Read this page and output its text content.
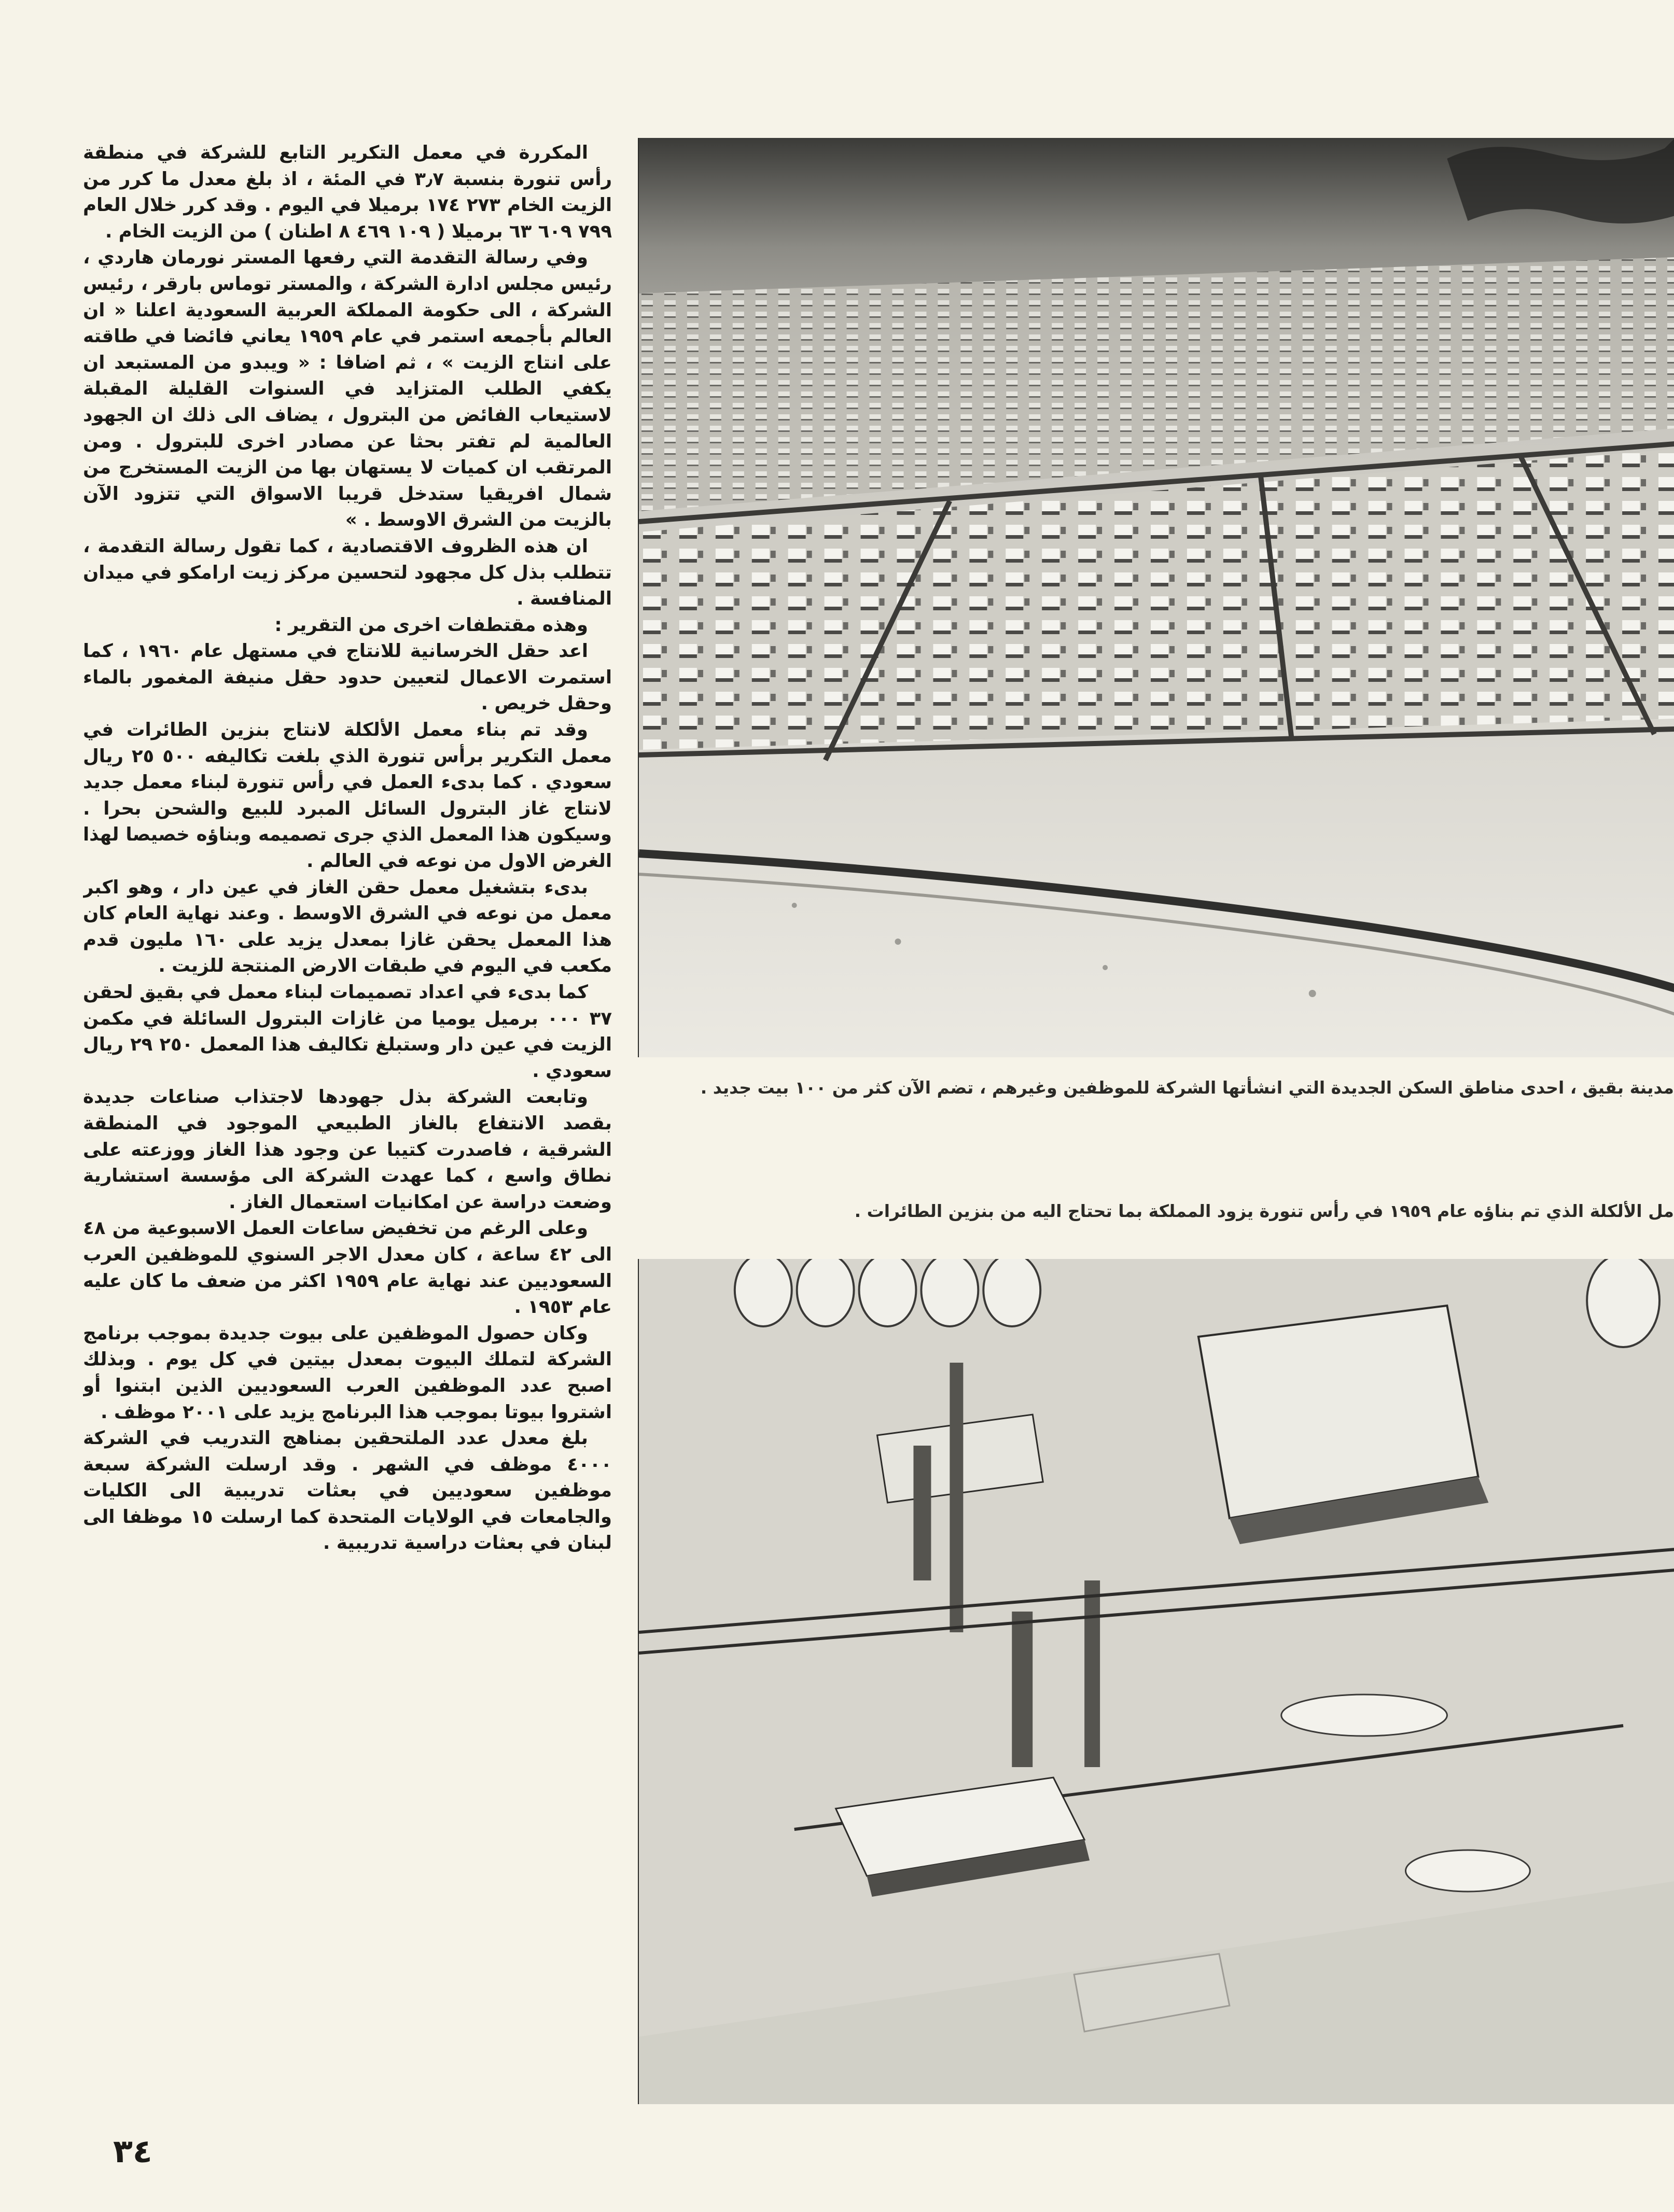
المكررة في معمل التكرير التابع للشركة في منطقة رأس تنورة بنسبة ٣٫٧ في المئة ، اذ بلغ معدل ما كرر من الزيت الخام ٢٧٣ ١٧٤ برميلا في اليوم . وقد كرر خلال العام ٧٩٩ ٦٠٩ ٦٣ برميلا ( ١٠٩ ٤٦٩ ٨ اطنان ) من الزيت الخام .

وفي رسالة التقدمة التي رفعها المستر نورمان هاردي ، رئيس مجلس ادارة الشركة ، والمستر توماس بارقر ، رئيس الشركة ، الى حكومة المملكة العربية السعودية اعلنا « ان العالم بأجمعه استمر في عام ١٩٥٩ يعاني فائضا في طاقته على انتاج الزيت » ، ثم اضافا : « ويبدو من المستبعد ان يكفي الطلب المتزايد في السنوات القليلة المقبلة لاستيعاب الفائض من البترول ، يضاف الى ذلك ان الجهود العالمية لم تفتر بحثا عن مصادر اخرى للبترول . ومن المرتقب ان كميات لا يستهان بها من الزيت المستخرج من شمال افريقيا ستدخل قريبا الاسواق التي تتزود الآن بالزيت من الشرق الاوسط . »

ان هذه الظروف الاقتصادية ، كما تقول رسالة التقدمة ، تتطلب بذل كل مجهود لتحسين مركز زيت ارامكو في ميدان المنافسة .

وهذه مقتطفات اخرى من التقرير :

اعد حقل الخرسانية للانتاج في مستهل عام ١٩٦٠ ، كما استمرت الاعمال لتعيين حدود حقل منيفة المغمور بالماء وحقل خريص .

وقد تم بناء معمل الألكلة لانتاج بنزين الطائرات في معمل التكرير برأس تنورة الذي بلغت تكاليفه ٥٠٠ ٢٥ ريال سعودي . كما بدىء العمل في رأس تنورة لبناء معمل جديد لانتاج غاز البترول السائل المبرد للبيع والشحن بحرا . وسيكون هذا المعمل الذي جرى تصميمه وبناؤه خصيصا لهذا الغرض الاول من نوعه في العالم .

بدىء بتشغيل معمل حقن الغاز في عين دار ، وهو اكبر معمل من نوعه في الشرق الاوسط . وعند نهاية العام كان هذا المعمل يحقن غازا بمعدل يزيد على ١٦٠ مليون قدم مكعب في اليوم في طبقات الارض المنتجة للزيت .

كما بدىء في اعداد تصميمات لبناء معمل في بقيق لحقن ٣٧ ٠٠٠ برميل يوميا من غازات البترول السائلة في مكمن الزيت في عين دار وستبلغ تكاليف هذا المعمل ٢٥٠ ٢٩ ريال سعودي .

وتابعت الشركة بذل جهودها لاجتذاب صناعات جديدة بقصد الانتفاع بالغاز الطبيعي الموجود في المنطقة الشرقية ، فاصدرت كتيبا عن وجود هذا الغاز ووزعته على نطاق واسع ، كما عهدت الشركة الى مؤسسة استشارية وضعت دراسة عن امكانيات استعمال الغاز .

وعلى الرغم من تخفيض ساعات العمل الاسبوعية من ٤٨ الى ٤٢ ساعة ، كان معدل الاجر السنوي للموظفين العرب السعوديين عند نهاية عام ١٩٥٩ اكثر من ضعف ما كان عليه عام ١٩٥٣ .

وكان حصول الموظفين على بيوت جديدة بموجب برنامج الشركة لتملك البيوت بمعدل بيتين في كل يوم . وبذلك اصبح عدد الموظفين العرب السعوديين الذين ابتنوا أو اشتروا بيوتا بموجب هذا البرنامج يزيد على ٢٠٠١ موظف .

بلغ معدل عدد الملتحقين بمناهج التدريب في الشركة ٤٠٠٠ موظف في الشهر . وقد ارسلت الشركة سبعة موظفين سعوديين في بعثات تدريبية الى الكليات والجامعات في الولايات المتحدة كما ارسلت ١٥ موظفا الى لبنان في بعثات دراسية تدريبية .

مدينة بقيق ، احدى مناطق السكن الجديدة التي انشأتها الشركة للموظفين وغيرهم ، تضم الآن كثر من ١٠٠ بيت جديد .
مل الألكلة الذي تم بناؤه عام ١٩٥٩ في رأس تنورة يزود المملكة بما تحتاج اليه من بنزين الطائرات .
٣٤
